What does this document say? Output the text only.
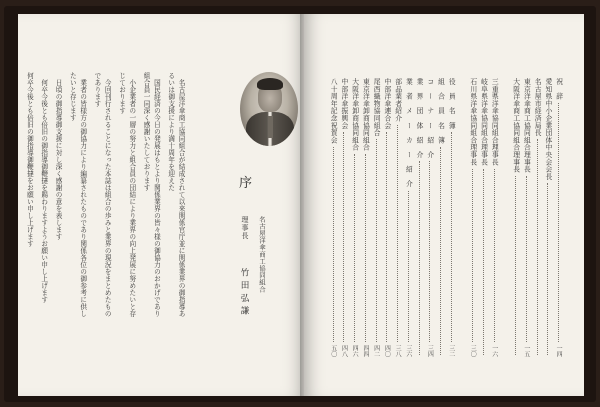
序
名古屋洋傘商工協同組合
理事長
竹田弘謙

名古屋洋傘商工協同組合が結成されて以来関係官庁並に関係業界の御指導あるいは御支援により満十周年を迎えた

国民経済の今日の発展はもとより関係業界の皆々様の御協力のおかげであり組合員一同深く感謝いたしております

小企業者の一層の努力と組合員の団結により業界の向上発展に努めたいと存じております

今回刊行されることになった本誌は組合の歩みと業界の現況をまとめたものであります

業者の皆様方の御協力により編纂されたものであり関係各位の御参考に供したいと存じます

日頃の御指導御支援に対し深く感謝の意を表します

何卒今後とも倍旧の御指導御鞭撻を賜わりますようお願い申し上げます

何卒今後とも倍旧の御指導御鞭撻をお願い申し上げます	祝　辞
一四
愛知県中小企業団体中央会会長
名古屋市経済局長
東京洋傘商工協同組合理事長
一五
大阪洋傘商工協同組合理事長
三重県洋傘協同組合理事長
一六
岐阜県洋傘協同組合理事長
石川県洋傘協同組合理事長
三〇
役　員　名　簿
三二
組　合　員　名　簿
コ　ー　ナ　ー　紹　介
三四
業　界　団　体　紹　介
業　者　メ　ー　カ　ー　紹　介
三六
部品業者紹介
三八
中部洋傘連合会
四〇
尾西織物協同組合
四二
東京洋傘卸商協同組合
四四
大阪洋傘卸商協同組合
四六
中部洋傘振興会
四八
八十周年記念祝賀会
五〇
